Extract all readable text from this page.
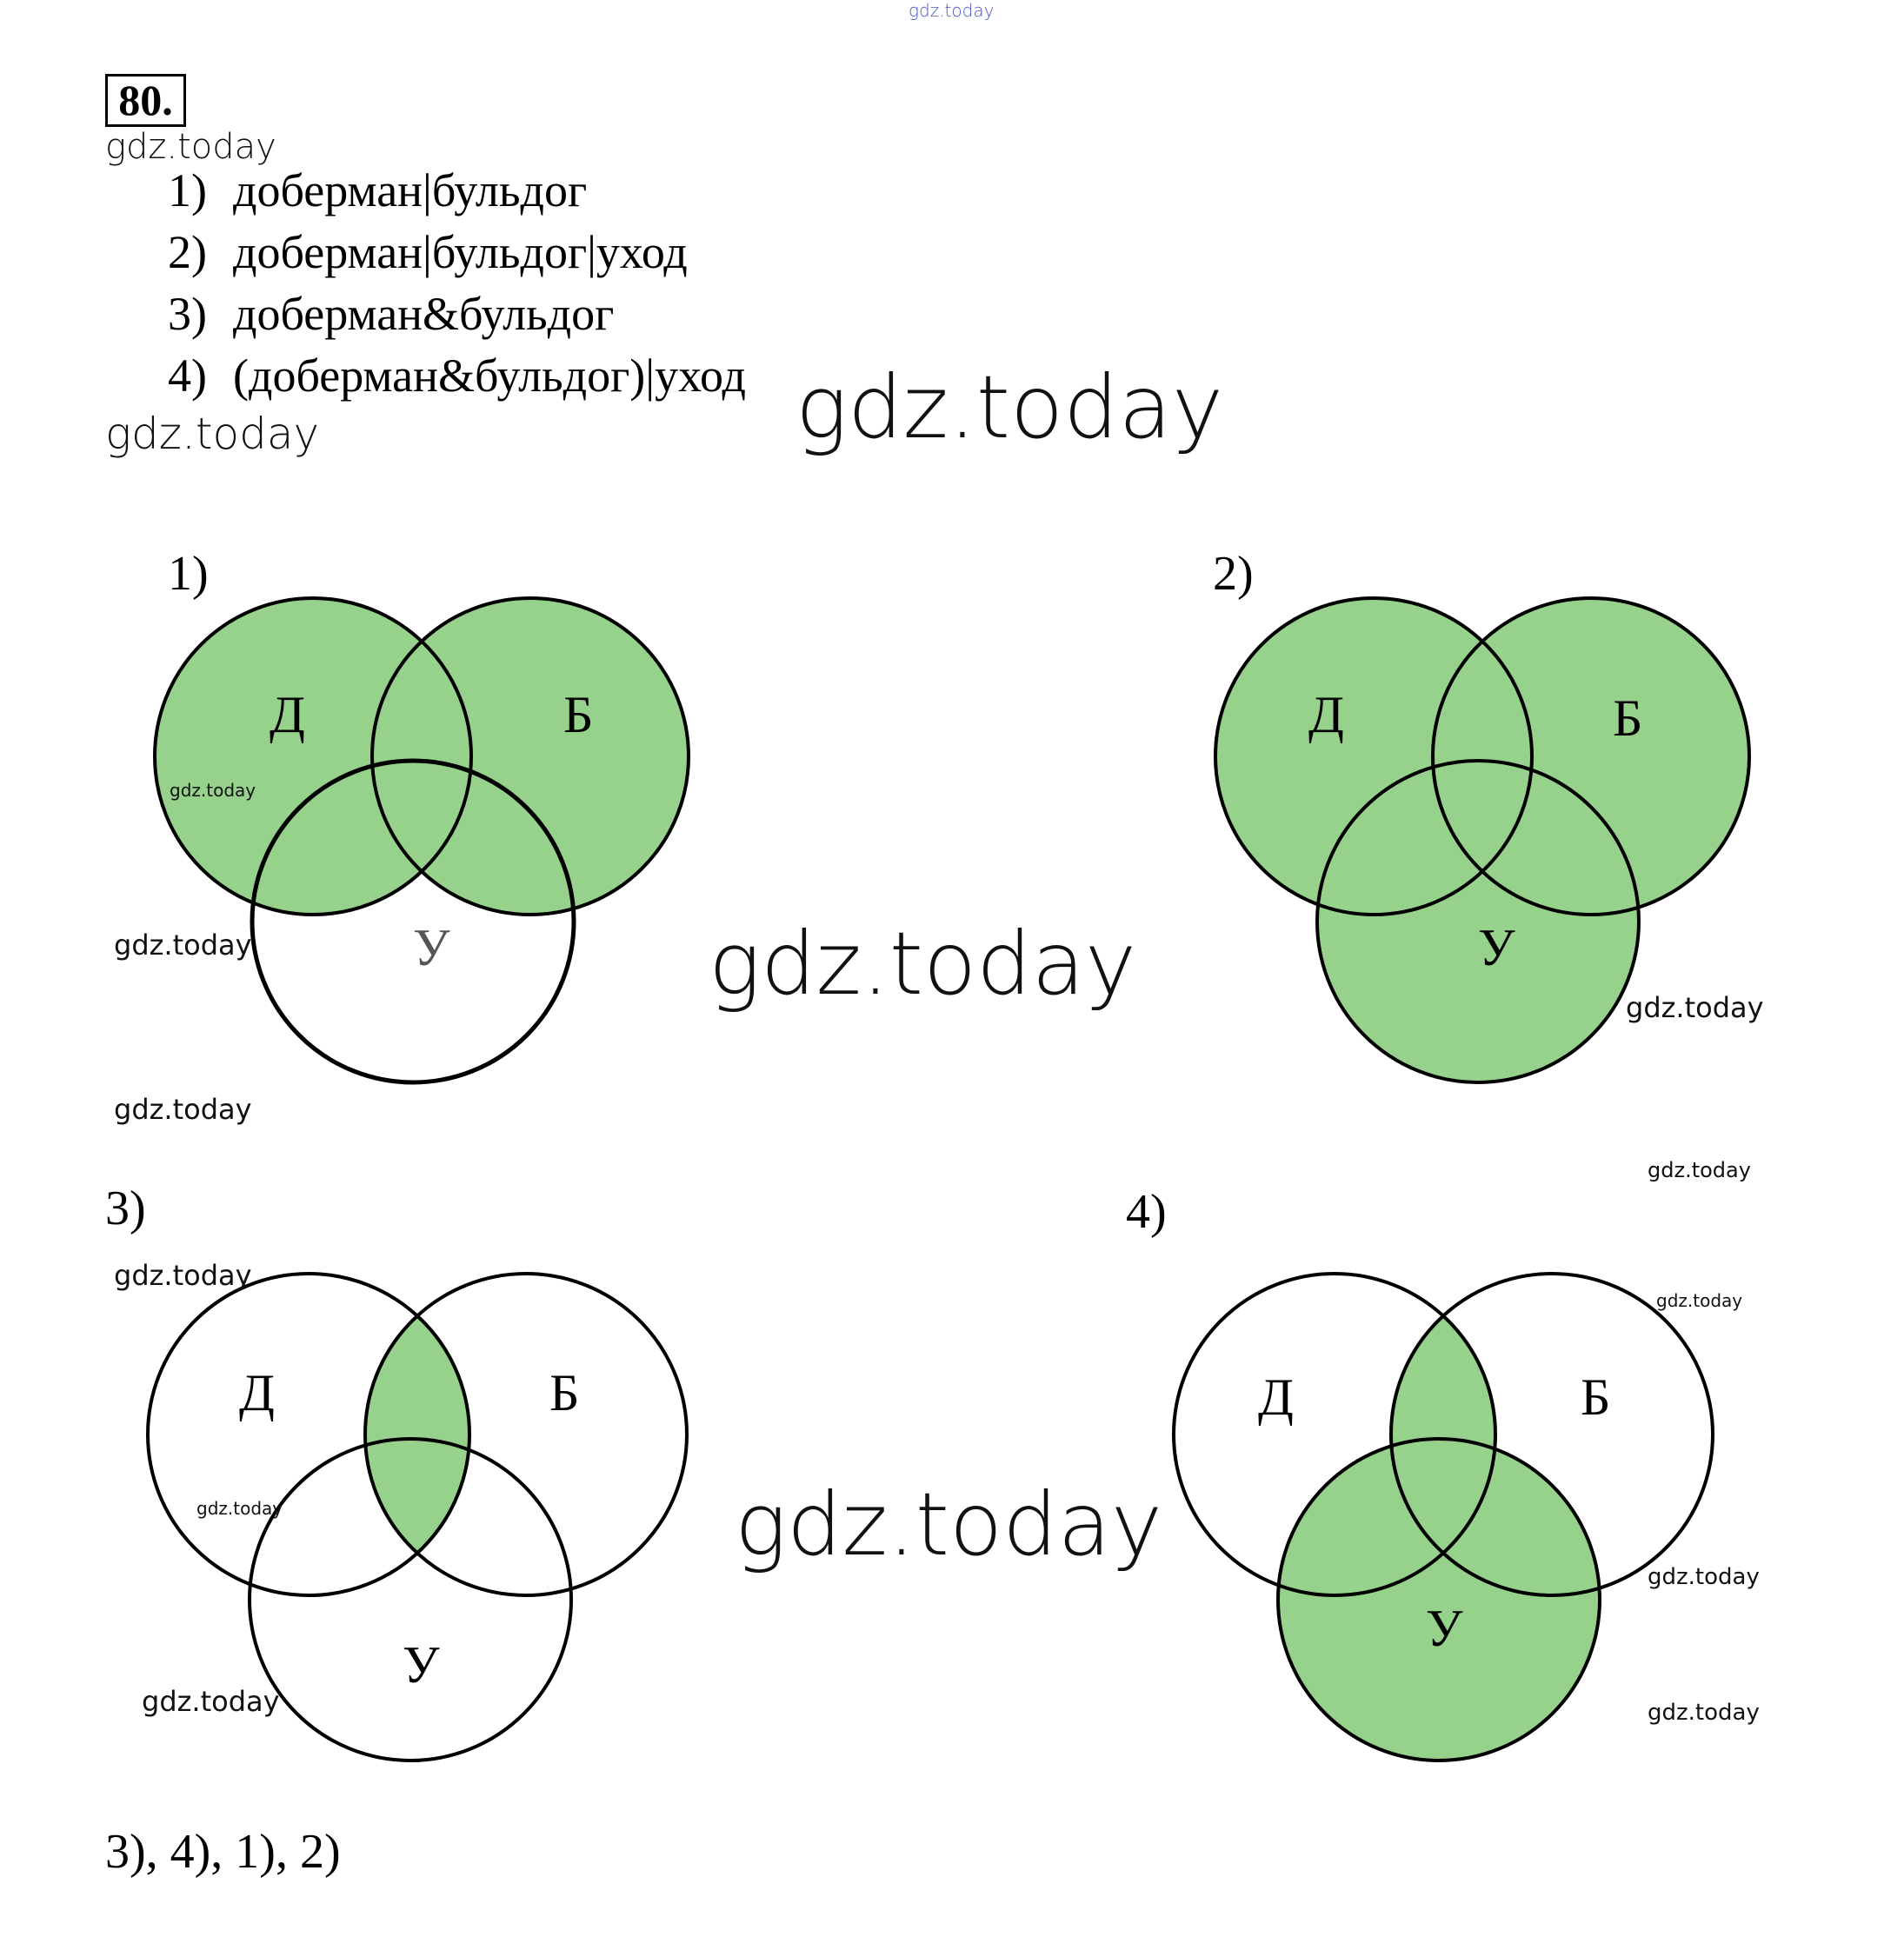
gdz.today
80.
gdz.today
1) доберман|бульдог
2) доберман|бульдог|уход
3) доберман&бульдог
4) (доберман&бульдог)|уход
gdz.today	gdz.today
1)	2)
3)	4)
Д	Б
У
gdz.today
gdz.today
gdz.today
gdz.today
Д	Б
У
gdz.today
gdz.today
Д	Б
У
gdz.today
gdz.today
gdz.today
gdz.today
Д	Б
У
gdz.today
gdz.today
gdz.today
3), 4), 1), 2)
